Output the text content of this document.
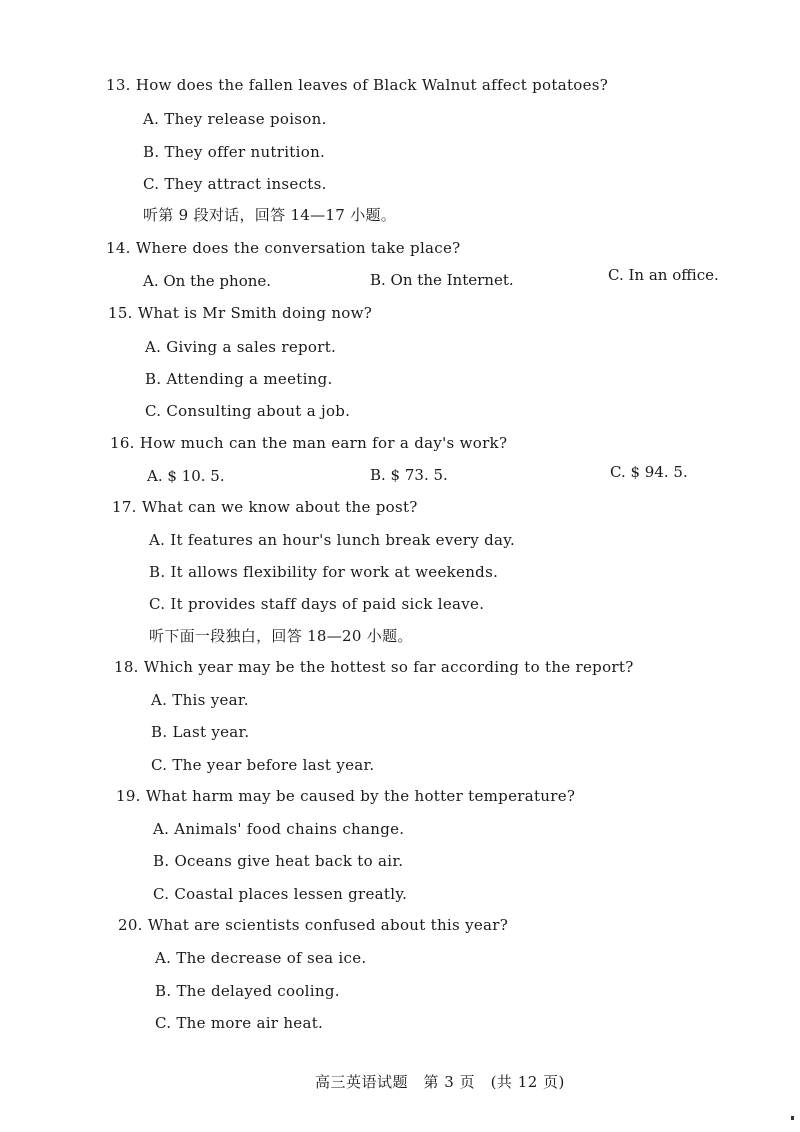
13. How does the fallen leaves of Black Walnut affect potatoes?
A. They release poison.
B. They offer nutrition.
C. They attract insects.
听第 9 段对话，回答 14—17 小题。
14. Where does the conversation take place?
A. On the phone.	B. On the Internet.	C. In an office.
15. What is Mr Smith doing now?
A. Giving a sales report.
B. Attending a meeting.
C. Consulting about a job.
16. How much can the man earn for a day's work?
A. $ 10. 5.	B. $ 73. 5.	C. $ 94. 5.
17. What can we know about the post?
A. It features an hour's lunch break every day.
B. It allows flexibility for work at weekends.
C. It provides staff days of paid sick leave.
听下面一段独白，回答 18—20 小题。
18. Which year may be the hottest so far according to the report?
A. This year.
B. Last year.
C. The year before last year.
19. What harm may be caused by the hotter temperature?
A. Animals' food chains change.
B. Oceans give heat back to air.
C. Coastal places lessen greatly.
20. What are scientists confused about this year?
A. The decrease of sea ice.
B. The delayed cooling.
C. The more air heat.
高三英语试题　第 3 页　(共 12 页)
